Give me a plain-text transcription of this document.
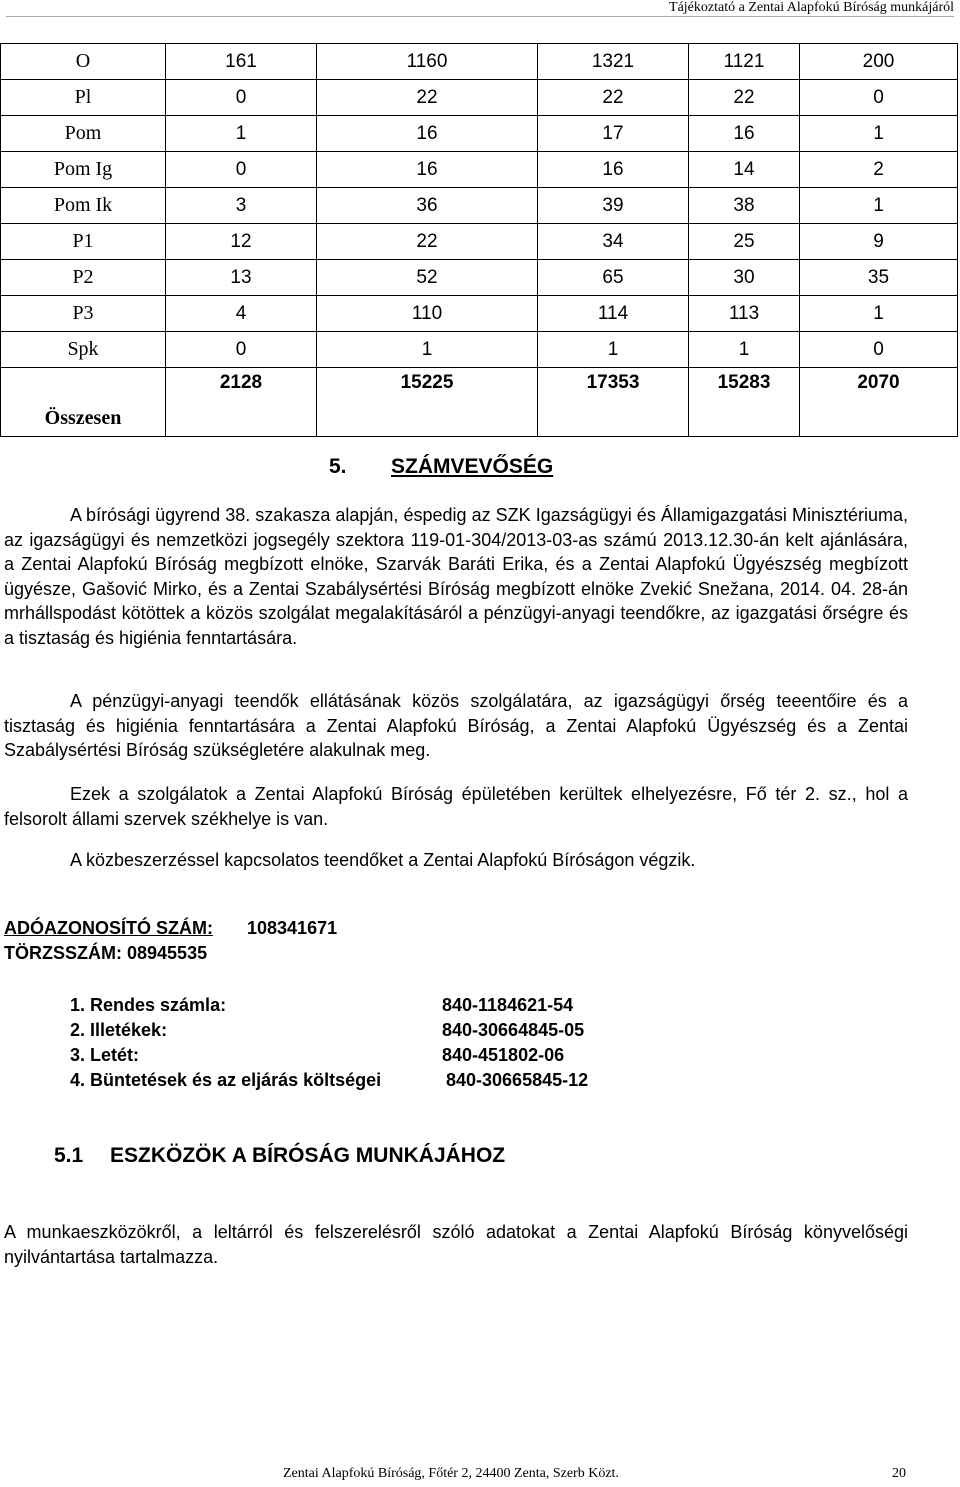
Tájékoztató a Zentai Alapfokú Bíróság munkájáról
O	161	1160	1321	1121	200
Pl	0	22	22	22	0
Pom	1	16	17	16	1
Pom Ig	0	16	16	14	2
Pom Ik	3	36	39	38	1
P1	12	22	34	25	9
P2	13	52	65	30	35
P3	4	110	114	113	1
Spk	0	1	1	1	0
Összesen	2128	15225	17353	15283	2070
5. SZÁMVEVŐSÉG
A bírósági ügyrend 38. szakasza alapján, éspedig az SZK Igazságügyi és Államigazgatási Minisztériuma, az igazságügyi és nemzetközi jogsegély szektora 119-01-304/2013-03-as számú 2013.12.30-án kelt ajánlására, a Zentai Alapfokú Bíróság megbízott elnöke, Szarvák Baráti Erika, és a Zentai Alapfokú Ügyészség megbízott ügyésze, Gašović Mirko, és a Zentai Szabálysértési Bíróság megbízott elnöke Zvekić Snežana, 2014. 04. 28-án mrhállspodást kötöttek a közös szolgálat megalakításáról a pénzügyi-anyagi teendőkre, az igazgatási őrségre és a tisztaság és higiénia fenntartására.
A pénzügyi-anyagi teendők ellátásának közös szolgálatára, az igazságügyi őrség teeentőire és a tisztaság és higiénia fenntartására a Zentai Alapfokú Bíróság, a Zentai Alapfokú Ügyészség és a Zentai Szabálysértési Bíróság szükségletére alakulnak meg.
Ezek a szolgálatok a Zentai Alapfokú Bíróság épületében kerültek elhelyezésre, Fő tér 2. sz., hol a felsorolt állami szervek székhelye is van.
A közbeszerzéssel kapcsolatos teendőket a Zentai Alapfokú Bíróságon végzik.
ADÓAZONOSÍTÓ SZÁM: 108341671
TÖRZSSZÁM: 08945535
1. Rendes számla:	840-1184621-54
2. Illetékek:	840-30664845-05
3. Letét:	840-451802-06
4. Büntetések és az eljárás költségei	840-30665845-12
5.1 ESZKÖZÖK A BÍRÓSÁG MUNKÁJÁHOZ
A munkaeszközökről, a leltárról és felszerelésről szóló adatokat a Zentai Alapfokú Bíróság könyvelőségi nyilvántartása tartalmazza.
Zentai Alapfokú Bíróság, Főtér 2, 24400 Zenta, Szerb Közt.	20
